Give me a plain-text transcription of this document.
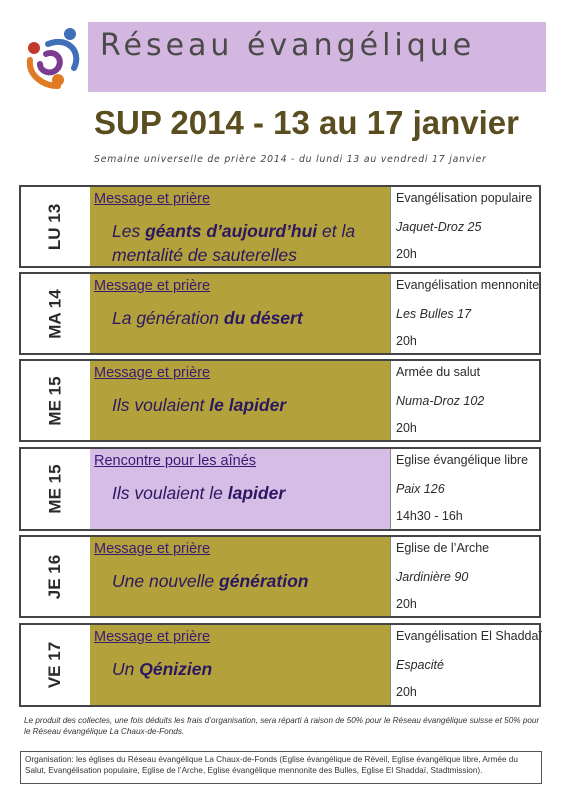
Réseau évangélique
SUP 2014 - 13 au 17 janvier
Semaine universelle de prière 2014 - du lundi 13 au vendredi 17 janvier
LU 13
Message et prière
Les géants d’aujourd’hui et la mentalité de sauterelles
Evangélisation populaire
Jaquet-Droz 25
20h
MA 14
Message et prière
La génération du désert
Evangélisation mennonite
Les Bulles 17
20h
ME 15
Message et prière
Ils voulaient le lapider
Armée du salut
Numa-Droz 102
20h
ME 15
Rencontre pour les aînés
Ils voulaient le lapider
Eglise évangélique libre
Paix 126
14h30 - 16h
JE 16
Message et prière
Une nouvelle génération
Eglise de l’Arche
Jardinière 90
20h
VE 17
Message et prière
Un Qénizien
Evangélisation El Shaddaï
Espacité
20h
Le produit des collectes, une fois déduits les frais d’organisation, sera réparti à raison de 50% pour le Réseau évangélique suisse et 50% pour le Réseau évangélique La Chaux-de-Fonds.
Organisation: les églises du Réseau évangélique La Chaux-de-Fonds (Eglise évangélique de Réveil, Eglise évangélique libre, Armée du Salut, Evangélisation populaire, Eglise de l’Arche, Eglise évangélique mennonite des Bulles, Eglise El Shaddaï, Stadtmission).
